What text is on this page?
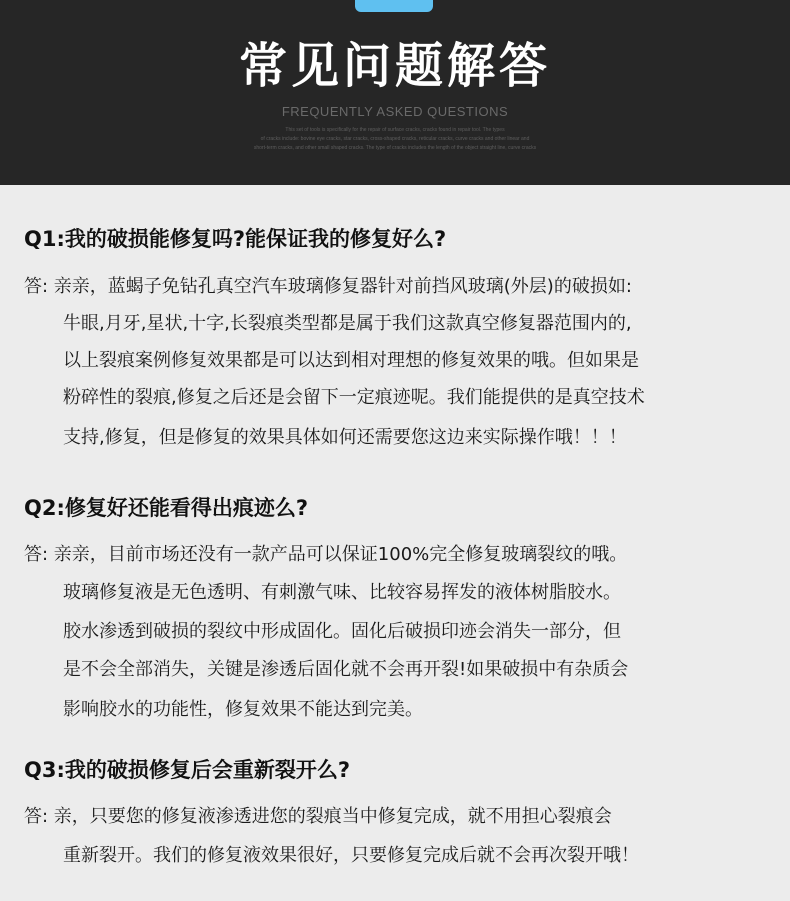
常见问题解答
FREQUENTLY ASKED QUESTIONS
This set of tools is specifically for the repair of surface cracks, cracks found in repair tool. The types
of cracks include: bovine eye cracks, star cracks, cross-shaped cracks, reticular cracks, curve cracks and other linear and
short-term cracks, and other small shaped cracks. The type of cracks includes the length of the object straight line, curve cracks
Q1:我的破损能修复吗?能保证我的修复好么?
答: 亲亲，蓝蝎子免钻孔真空汽车玻璃修复器针对前挡风玻璃(外层)的破损如:
牛眼,月牙,星状,十字,长裂痕类型都是属于我们这款真空修复器范围内的,
以上裂痕案例修复效果都是可以达到相对理想的修复效果的哦。但如果是
粉碎性的裂痕,修复之后还是会留下一定痕迹呢。我们能提供的是真空技术
支持,修复，但是修复的效果具体如何还需要您这边来实际操作哦！！！
Q2:修复好还能看得出痕迹么?
答: 亲亲，目前市场还没有一款产品可以保证100%完全修复玻璃裂纹的哦。
玻璃修复液是无色透明、有刺激气味、比较容易挥发的液体树脂胶水。
胶水渗透到破损的裂纹中形成固化。固化后破损印迹会消失一部分，但
是不会全部消失，关键是渗透后固化就不会再开裂!如果破损中有杂质会
影响胶水的功能性，修复效果不能达到完美。
Q3:我的破损修复后会重新裂开么?
答: 亲，只要您的修复液渗透进您的裂痕当中修复完成，就不用担心裂痕会
重新裂开。我们的修复液效果很好，只要修复完成后就不会再次裂开哦！
